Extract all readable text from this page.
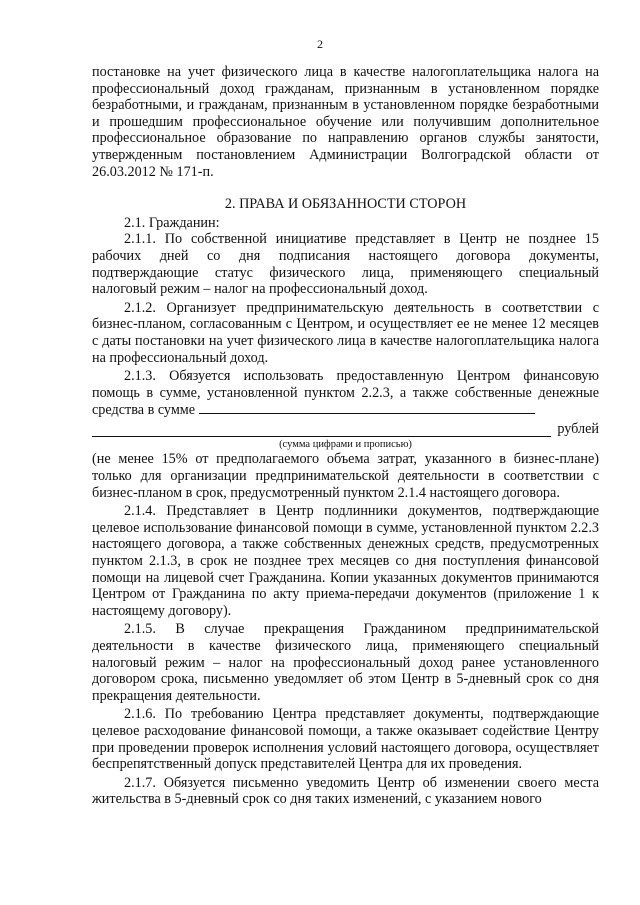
2

постановке на учет физического лица в качестве налогоплательщика налога на профессиональный доход гражданам, признанным в установленном порядке безработными, и гражданам, признанным в установленном порядке безработными и прошедшим профессиональное обучение или получившим дополнительное профессиональное образование по направлению органов службы занятости, утвержденным постановлением Администрации Волгоградской области от 26.03.2012 № 171-п.

2. ПРАВА И ОБЯЗАННОСТИ СТОРОН

2.1. Гражданин:

2.1.1. По собственной инициативе представляет в Центр не позднее 15 рабочих дней со дня подписания настоящего договора документы, подтверждающие статус физического лица, применяющего специальный налоговый режим – налог на профессиональный доход.

2.1.2. Организует предпринимательскую деятельность в соответствии с бизнес-планом, согласованным с Центром, и осуществляет ее не менее 12 месяцев с даты постановки на учет физического лица в качестве налогоплательщика налога на профессиональный доход.

2.1.3. Обязуется использовать предоставленную Центром финансовую помощь в сумме, установленной пунктом 2.2.3, а также собственные денежные средства в сумме

рублей
(сумма цифрами и прописью)

(не менее 15% от предполагаемого объема затрат, указанного в бизнес-плане) только для организации предпринимательской деятельности в соответствии с бизнес-планом в срок, предусмотренный пунктом 2.1.4 настоящего договора.

2.1.4. Представляет в Центр подлинники документов, подтверждающие целевое использование финансовой помощи в сумме, установленной пунктом 2.2.3 настоящего договора, а также собственных денежных средств, предусмотренных пунктом 2.1.3, в срок не позднее трех месяцев со дня поступления финансовой помощи на лицевой счет Гражданина. Копии указанных документов принимаются Центром от Гражданина по акту приема-передачи документов (приложение 1 к настоящему договору).

2.1.5. В случае прекращения Гражданином предпринимательской деятельности в качестве физического лица, применяющего специальный налоговый режим – налог на профессиональный доход ранее установленного договором срока, письменно уведомляет об этом Центр в 5-дневный срок со дня прекращения деятельности.

2.1.6. По требованию Центра представляет документы, подтверждающие целевое расходование финансовой помощи, а также оказывает содействие Центру при проведении проверок исполнения условий настоящего договора, осуществляет беспрепятственный допуск представителей Центра для их проведения.

2.1.7. Обязуется письменно уведомить Центр об изменении своего места жительства в 5-дневный срок со дня таких изменений, с указанием нового
